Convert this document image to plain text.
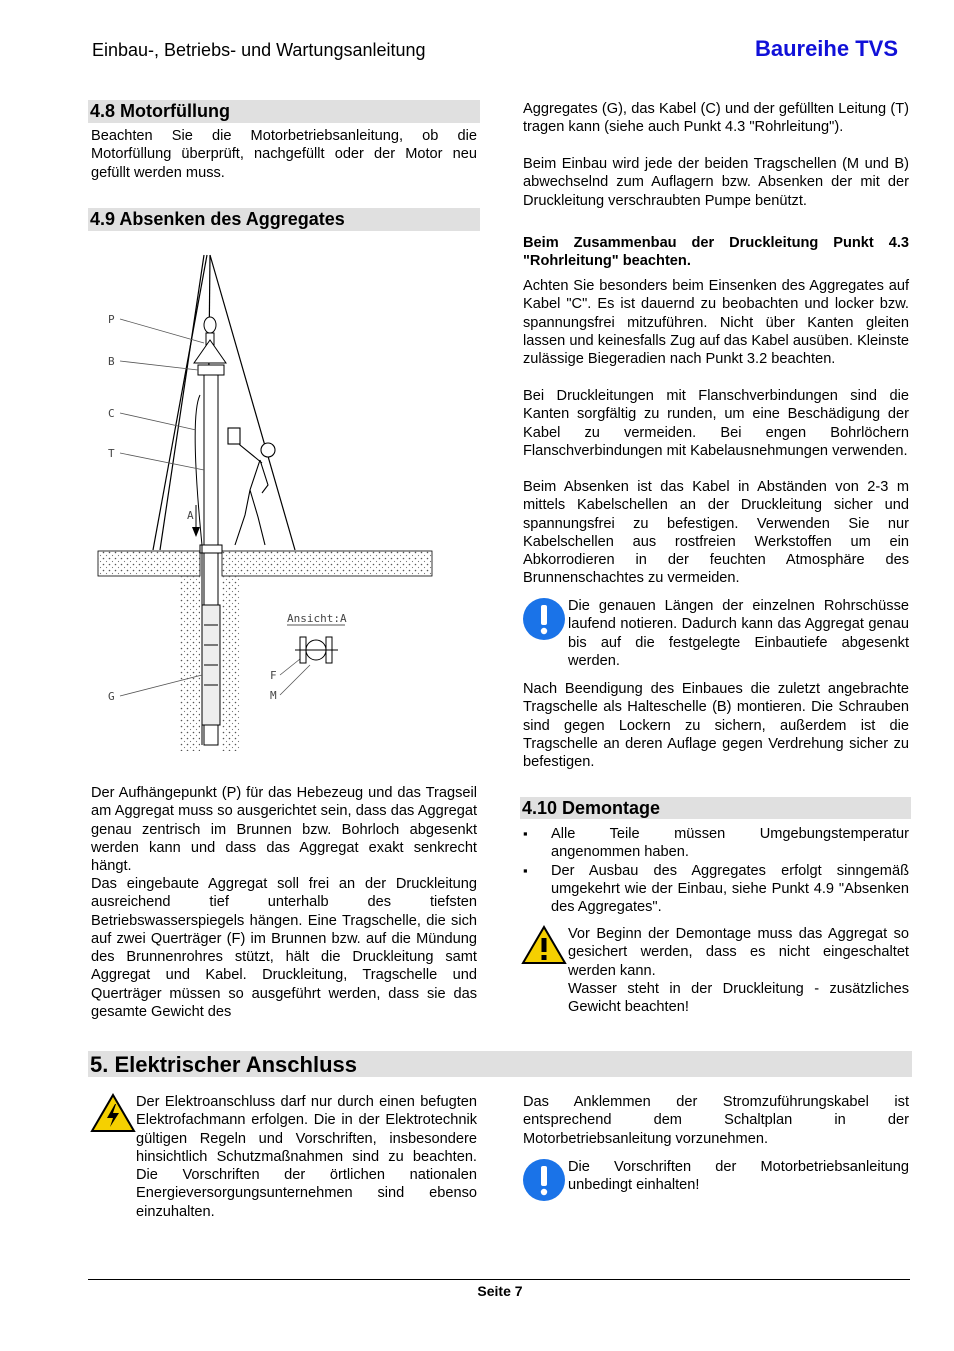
Einbau-, Betriebs- und Wartungsanleitung	Baureihe TVS
4.8 Motorfüllung
Beachten Sie die Motorbetriebsanleitung, ob die Motorfüllung überprüft, nachgefüllt oder der Motor neu gefüllt werden muss.
4.9 Absenken des Aggregates
P
B
C
T
A
G
F
M
Ansicht:A
Der Aufhängepunkt (P) für das Hebezeug und das Tragseil am Aggregat muss so ausgerichtet sein, dass das Aggregat genau zentrisch im Brunnen bzw. Bohrloch abgesenkt werden kann und dass das Aggregat exakt senkrecht hängt.
Das eingebaute Aggregat soll frei an der Druckleitung ausreichend tief unterhalb des tiefsten Betriebswasserspiegels hängen. Eine Tragschelle, die sich auf zwei Querträger (F) im Brunnen bzw. auf die Mündung des Brunnenrohres stützt, hält die Druckleitung samt Aggregat und Kabel. Druckleitung, Tragschelle und Querträger müssen so ausgeführt werden, dass sie das gesamte Gewicht des
Aggregates (G), das Kabel (C) und der gefüllten Leitung (T) tragen kann (siehe auch Punkt 4.3 "Rohrleitung").
Beim Einbau wird jede der beiden Tragschellen (M und B) abwechselnd zum Auflagern bzw. Absenken der mit der Druckleitung verschraubten Pumpe benützt.
Beim Zusammenbau der Druckleitung Punkt 4.3 "Rohrleitung" beachten.
Achten Sie besonders beim Einsenken des Aggregates auf Kabel "C". Es ist dauernd zu beobachten und locker bzw. spannungsfrei mitzuführen. Nicht über Kanten gleiten lassen und keinesfalls Zug auf das Kabel ausüben. Kleinste zulässige Biegeradien nach Punkt 3.2 beachten.
Bei Druckleitungen mit Flanschverbindungen sind die Kanten sorgfältig zu runden, um eine Beschädigung der Kabel zu vermeiden. Bei engen Bohrlöchern Flanschverbindungen mit Kabelausnehmungen verwenden.
Beim Absenken ist das Kabel in Abständen von 2-3 m mittels Kabelschellen an der Druckleitung sicher und spannungsfrei zu befestigen. Verwenden Sie nur Kabelschellen aus rostfreien Werkstoffen um ein Abkorrodieren in der feuchten Atmosphäre des Brunnenschachtes zu vermeiden.
Die genauen Längen der einzelnen Rohrschüsse laufend notieren. Dadurch kann das Aggregat genau bis auf die festgelegte Einbautiefe abgesenkt werden.
Nach Beendigung des Einbaues die zuletzt angebrachte Tragschelle als Halteschelle (B) montieren. Die Schrauben sind gegen Lockern zu sichern, außerdem ist die Tragschelle an deren Auflage gegen Verdrehung sicher zu befestigen.
4.10 Demontage
▪ Alle Teile müssen Umgebungstemperatur angenommen haben.
▪ Der Ausbau des Aggregates erfolgt sinngemäß umgekehrt wie der Einbau, siehe Punkt 4.9 "Absenken des Aggregates".
Vor Beginn der Demontage muss das Aggregat so gesichert werden, dass es nicht eingeschaltet werden kann.
Wasser steht in der Druckleitung - zusätzliches Gewicht beachten!
5. Elektrischer Anschluss
Der Elektroanschluss darf nur durch einen befugten Elektrofachmann erfolgen. Die in der Elektrotechnik gültigen Regeln und Vorschriften, insbesondere hinsichtlich Schutzmaßnahmen sind zu beachten. Die Vorschriften der örtlichen nationalen Energieversorgungsunternehmen sind ebenso einzuhalten.
Das Anklemmen der Stromzuführungskabel ist entsprechend dem Schaltplan in der Motorbetriebsanleitung vorzunehmen.
Die Vorschriften der Motorbetriebsanleitung unbedingt einhalten!
Seite 7
